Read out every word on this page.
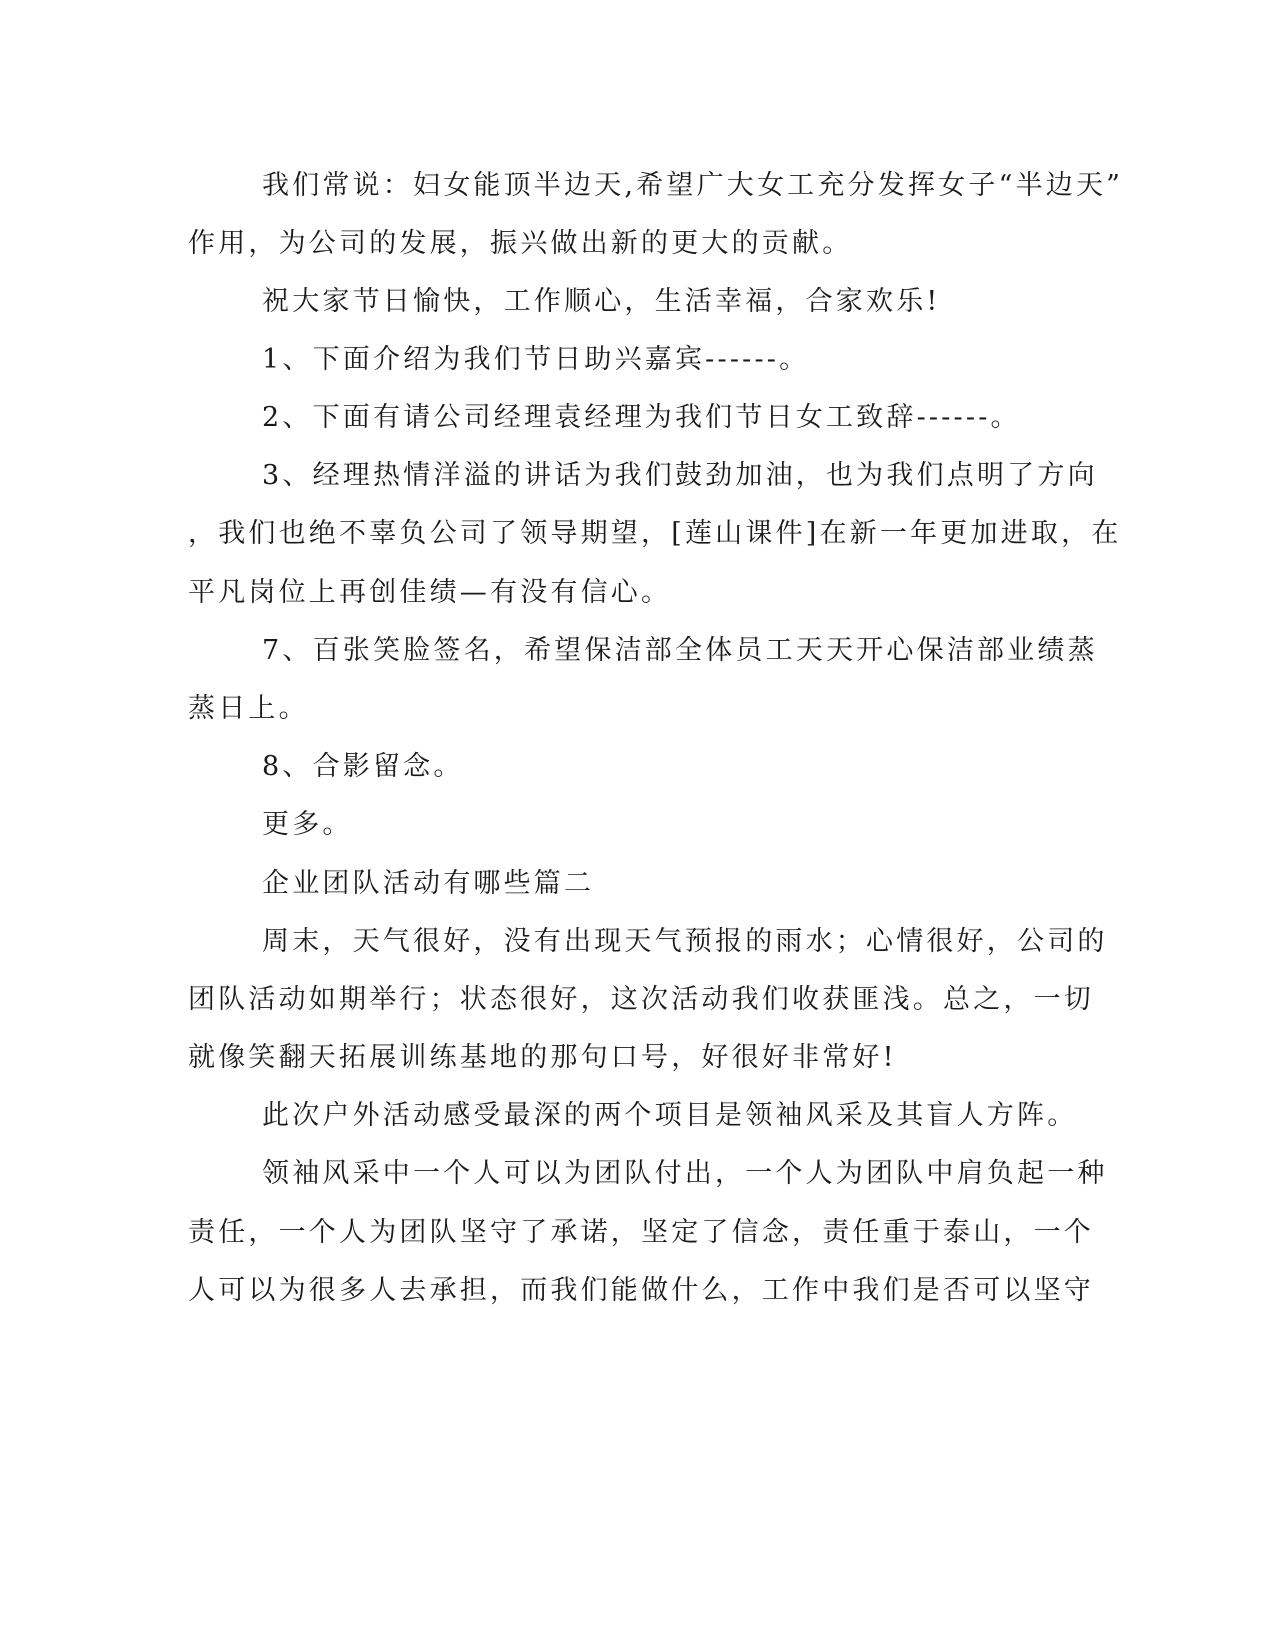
我们常说：妇女能顶半边天,希望广大女工充分发挥女子“半边天”
作用，为公司的发展，振兴做出新的更大的贡献。
祝大家节日愉快，工作顺心，生活幸福，合家欢乐!
1、下面介绍为我们节日助兴嘉宾------。
2、下面有请公司经理袁经理为我们节日女工致辞------。
3、经理热情洋溢的讲话为我们鼓劲加油，也为我们点明了方向
，我们也绝不辜负公司了领导期望，[莲山课件]在新一年更加进取，在
平凡岗位上再创佳绩—有没有信心。
7、百张笑脸签名，希望保洁部全体员工天天开心保洁部业绩蒸
蒸日上。
8、合影留念。
更多。
企业团队活动有哪些篇二
周末，天气很好，没有出现天气预报的雨水；心情很好，公司的
团队活动如期举行；状态很好，这次活动我们收获匪浅。总之，一切
就像笑翻天拓展训练基地的那句口号，好很好非常好!
此次户外活动感受最深的两个项目是领袖风采及其盲人方阵。
领袖风采中一个人可以为团队付出，一个人为团队中肩负起一种
责任，一个人为团队坚守了承诺，坚定了信念，责任重于泰山，一个
人可以为很多人去承担，而我们能做什么，工作中我们是否可以坚守
